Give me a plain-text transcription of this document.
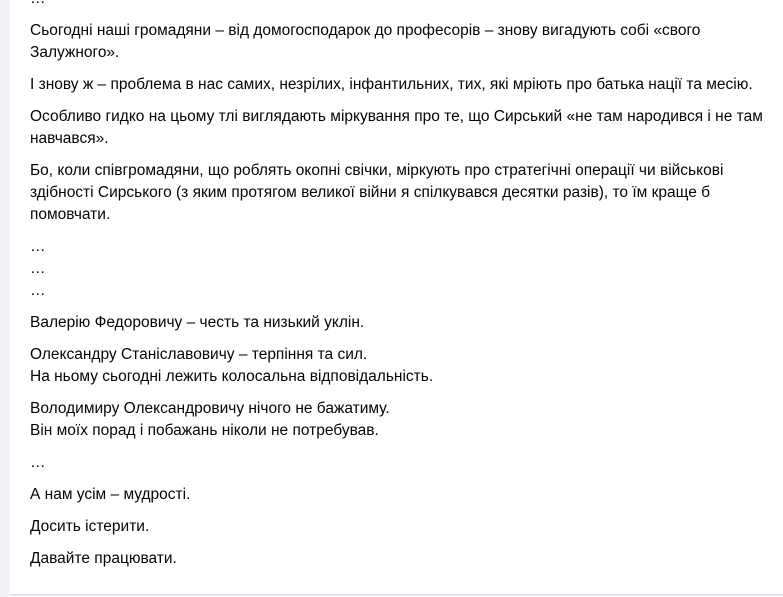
Сьогодні наші громадяни – від домогосподарок до професорів – знову вигадують собі «свого Залужного».

І знову ж – проблема в нас самих, незрілих, інфантильних, тих, які мріють про батька нації та месію.

Особливо гидко на цьому тлі виглядають міркування про те, що Сирський «не там народився і не там навчався».

Бо, коли співгромадяни, що роблять окопні свічки, міркують про стратегічні операції чи військові здібності Сирського (з яким протягом великої війни я спілкувався десятки разів), то їм краще б помовчати.

…

…

…

Валерію Федоровичу – честь та низький уклін.

Олександру Станіславовичу – терпіння та сил.
На ньому сьогодні лежить колосальна відповідальність.

Володимиру Олександровичу нічого не бажатиму.
Він моїх порад і побажань ніколи не потребував.

…

А нам усім – мудрості.

Досить істерити.

Давайте працювати.
